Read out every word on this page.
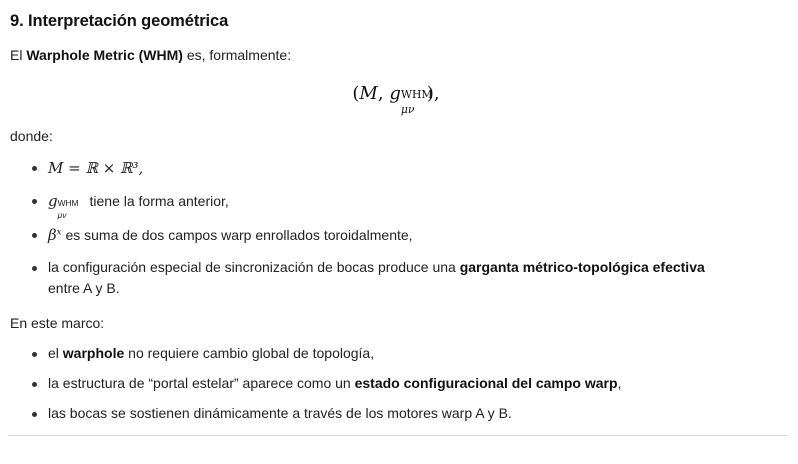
9. Interpretación geométrica

El Warphole Metric (WHM) es, formalmente:

(M, g WHM
μν
),

donde:

M = ℝ × ℝ³,
g WHM
μν
tiene la forma anterior,
$\beta^x$ es suma de dos campos warp enrollados toroidalmente,
la configuración especial de sincronización de bocas produce una garganta métrico-topológica efectiva
entre A y B.

En este marco:

el warphole no requiere cambio global de topología,
la estructura de “portal estelar” aparece como un estado configuracional del campo warp,
las bocas se sostienen dinámicamente a través de los motores warp A y B.
